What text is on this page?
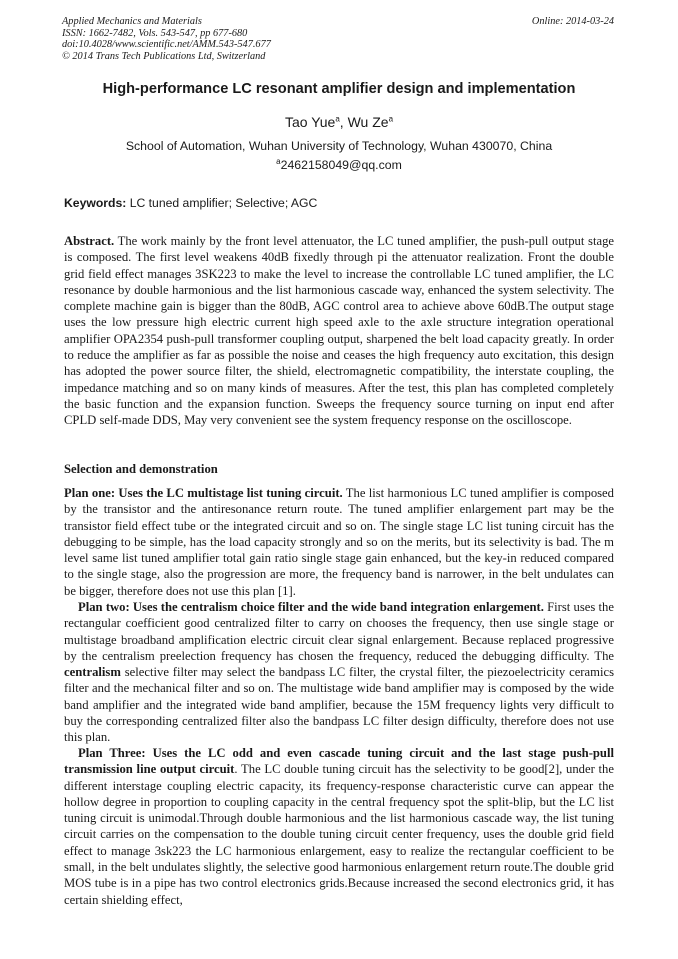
Applied Mechanics and Materials
ISSN: 1662-7482, Vols. 543-547, pp 677-680
doi:10.4028/www.scientific.net/AMM.543-547.677
© 2014 Trans Tech Publications Ltd, Switzerland
Online: 2014-03-24
High-performance LC resonant amplifier design and implementation
Tao Yue$^a$, Wu Ze$^a$
School of Automation, Wuhan University of Technology, Wuhan 430070, China
$^a$2462158049@qq.com
Keywords: LC tuned amplifier; Selective; AGC

Abstract. The work mainly by the front level attenuator, the LC tuned amplifier, the push-pull output stage is composed. The first level weakens 40dB fixedly through pi the attenuator realization. Front the double grid field effect manages 3SK223 to make the level to increase the controllable LC tuned amplifier, the LC resonance by double harmonious and the list harmonious cascade way, enhanced the system selectivity. The complete machine gain is bigger than the 80dB, AGC control area to achieve above 60dB.The output stage uses the low pressure high electric current high speed axle to the axle structure integration operational amplifier OPA2354 push-pull transformer coupling output, sharpened the belt load capacity greatly. In order to reduce the amplifier as far as possible the noise and ceases the high frequency auto excitation, this design has adopted the power source filter, the shield, electromagnetic compatibility, the interstate coupling, the impedance matching and so on many kinds of measures. After the test, this plan has completed completely the basic function and the expansion function. Sweeps the frequency source turning on input end after CPLD self-made DDS, May very convenient see the system frequency response on the oscilloscope.

Selection and demonstration

Plan one: Uses the LC multistage list tuning circuit. The list harmonious LC tuned amplifier is composed by the transistor and the antiresonance return route. The tuned amplifier enlargement part may be the transistor field effect tube or the integrated circuit and so on. The single stage LC list tuning circuit has the debugging to be simple, has the load capacity strongly and so on the merits, but its selectivity is bad. The m level same list tuned amplifier total gain ratio single stage gain enhanced, but the key-in reduced compared to the single stage, also the progression are more, the frequency band is narrower, in the belt undulates can be bigger, therefore does not use this plan [1].

Plan two: Uses the centralism choice filter and the wide band integration enlargement. First uses the rectangular coefficient good centralized filter to carry on chooses the frequency, then use single stage or multistage broadband amplification electric circuit clear signal enlargement. Because replaced progressive by the centralism preelection frequency has chosen the frequency, reduced the debugging difficulty. The centralism selective filter may select the bandpass LC filter, the crystal filter, the piezoelectricity ceramics filter and the mechanical filter and so on. The multistage wide band amplifier may is composed by the wide band amplifier and the integrated wide band amplifier, because the 15M frequency lights very difficult to buy the corresponding centralized filter also the bandpass LC filter design difficulty, therefore does not use this plan.

Plan Three: Uses the LC odd and even cascade tuning circuit and the last stage push-pull transmission line output circuit. The LC double tuning circuit has the selectivity to be good[2], under the different interstage coupling electric capacity, its frequency-response characteristic curve can appear the hollow degree in proportion to coupling capacity in the central frequency spot the split-blip, but the LC list tuning circuit is unimodal.Through double harmonious and the list harmonious cascade way, the list tuning circuit carries on the compensation to the double tuning circuit center frequency, uses the double grid field effect to manage 3sk223 the LC harmonious enlargement, easy to realize the rectangular coefficient to be small, in the belt undulates slightly, the selective good harmonious enlargement return route.The double grid MOS tube is in a pipe has two control electronics grids.Because increased the second electronics grid, it has certain shielding effect,
